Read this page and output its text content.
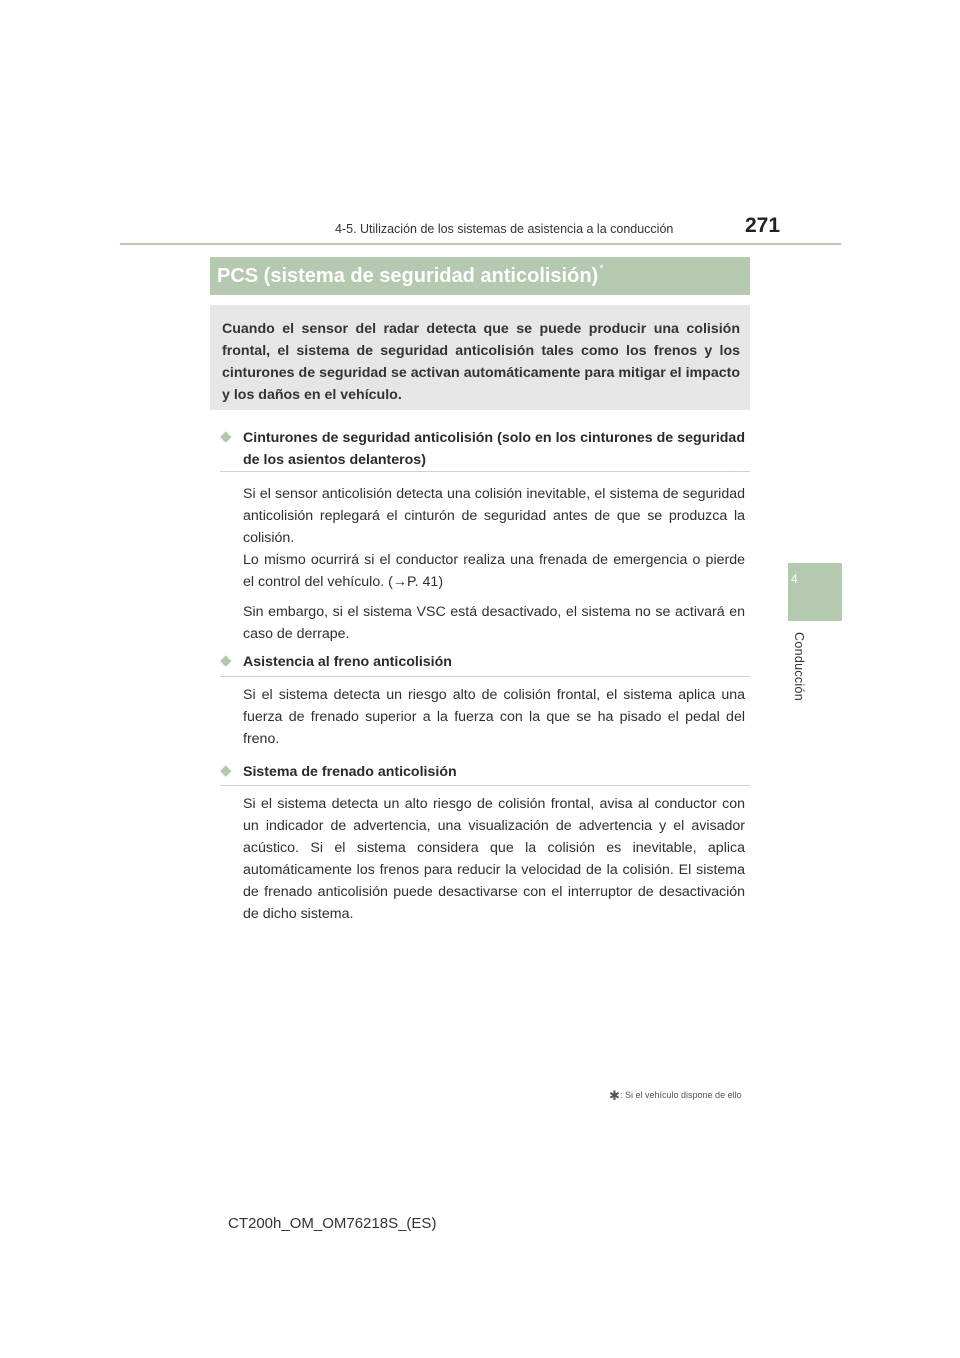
4-5. Utilización de los sistemas de asistencia a la conducción	271
4
Conducción
PCS (sistema de seguridad anticolisión)*

Cuando el sensor del radar detecta que se puede producir una colisión frontal, el sistema de seguridad anticolisión tales como los frenos y los cinturones de seguridad se activan automáticamente para mitigar el impacto y los daños en el vehículo.

◆ Cinturones de seguridad anticolisión (solo en los cinturones de seguridad de los asientos delanteros)

Si el sensor anticolisión detecta una colisión inevitable, el sistema de seguridad anticolisión replegará el cinturón de seguridad antes de que se produzca la colisión.

Lo mismo ocurrirá si el conductor realiza una frenada de emergencia o pierde el control del vehículo. (→P. 41)

Sin embargo, si el sistema VSC está desactivado, el sistema no se activará en caso de derrape.

◆ Asistencia al freno anticolisión

Si el sistema detecta un riesgo alto de colisión frontal, el sistema aplica una fuerza de frenado superior a la fuerza con la que se ha pisado el pedal del freno.

◆ Sistema de frenado anticolisión

Si el sistema detecta un alto riesgo de colisión frontal, avisa al conductor con un indicador de advertencia, una visualización de advertencia y el avisador acústico. Si el sistema considera que la colisión es inevitable, aplica automáticamente los frenos para reducir la velocidad de la colisión. El sistema de frenado anticolisión puede desactivarse con el interruptor de desactivación de dicho sistema.

✱ : Si el vehículo dispone de ello
CT200h_OM_OM76218S_(ES)
